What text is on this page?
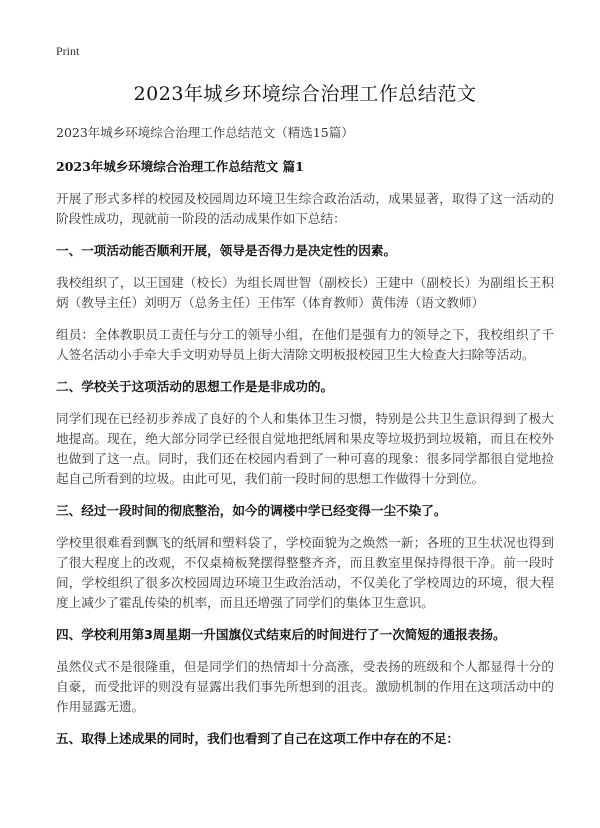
Print
2023年城乡环境综合治理工作总结范文

2023年城乡环境综合治理工作总结范文（精选15篇）

2023年城乡环境综合治理工作总结范文 篇1

开展了形式多样的校园及校园周边环境卫生综合政治活动，成果显著，取得了这一活动的阶段性成功，现就前一阶段的活动成果作如下总结：

一、一项活动能否顺利开展，领导是否得力是决定性的因素。

我校组织了，以王国建（校长）为组长周世智（副校长）王建中（副校长）为副组长王积炳（教导主任）刘明万（总务主任）王伟军（体育教师）黄伟涛（语文教师）

组员：全体教职员工责任与分工的领导小组，在他们是强有力的领导之下，我校组织了千人签名活动小手牵大手文明劝导员上街大清除文明板报校园卫生大检查大扫除等活动。

二、学校关于这项活动的思想工作是是非成功的。

同学们现在已经初步养成了良好的个人和集体卫生习惯，特别是公共卫生意识得到了极大地提高。现在，绝大部分同学已经很自觉地把纸屑和果皮等垃圾扔到垃圾箱，而且在校外也做到了这一点。同时，我们还在校园内看到了一种可喜的现象：很多同学都很自觉地捡起自己所看到的垃圾。由此可见，我们前一段时间的思想工作做得十分到位。

三、经过一段时间的彻底整治，如今的调楼中学已经变得一尘不染了。

学校里很难看到飘飞的纸屑和塑料袋了，学校面貌为之焕然一新；各班的卫生状况也得到了很大程度上的改观，不仅桌椅板凳摆得整整齐齐，而且教室里保持得很干净。前一段时间，学校组织了很多次校园周边环境卫生政治活动，不仅美化了学校周边的环境，很大程度上减少了霍乱传染的机率，而且还增强了同学们的集体卫生意识。

四、学校利用第3周星期一升国旗仪式结束后的时间进行了一次简短的通报表扬。

虽然仪式不是很隆重，但是同学们的热情却十分高涨，受表扬的班级和个人都显得十分的自豪，而受批评的则没有显露出我们事先所想到的沮丧。激励机制的作用在这项活动中的作用显露无遗。

五、取得上述成果的同时，我们也看到了自己在这项工作中存在的不足：
